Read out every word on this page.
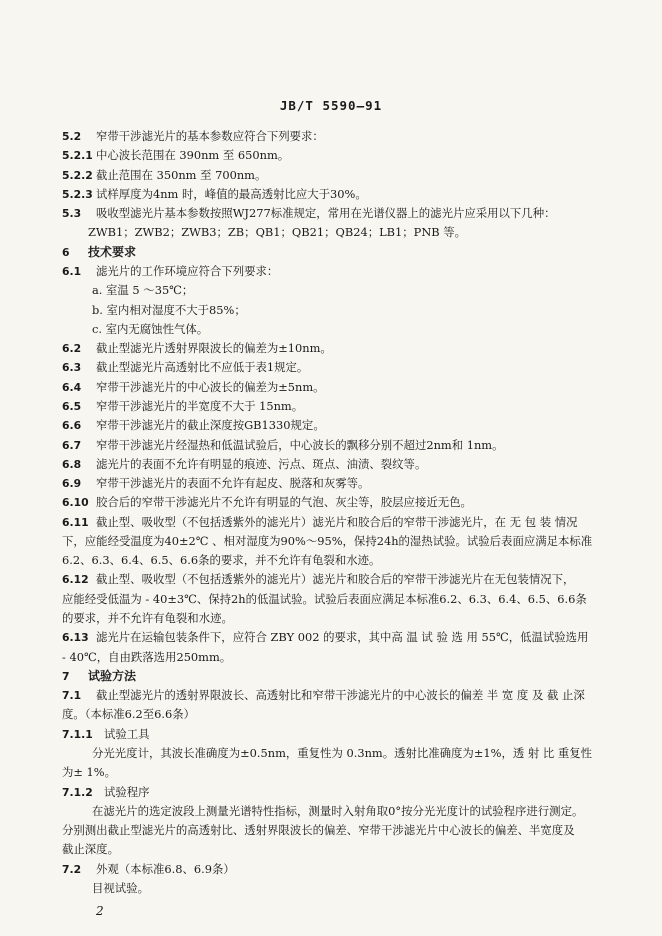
JB/T 5590—91
5.2 窄带干涉滤光片的基本参数应符合下列要求：
5.2.1 中心波长范围在 390nm 至 650nm。
5.2.2 截止范围在 350nm 至 700nm。
5.2.3 试样厚度为4nm 时，峰值的最高透射比应大于30%。
5.3 吸收型滤光片基本参数按照WJ277标准规定，常用在光谱仪器上的滤光片应采用以下几种：
ZWB1；ZWB2；ZWB3；ZB；QB1；QB21；QB24；LB1；PNB 等。
6 技术要求
6.1 滤光片的工作环境应符合下列要求：
a. 室温 5 ～35℃；
b. 室内相对湿度不大于85%；
c. 室内无腐蚀性气体。
6.2 截止型滤光片透射界限波长的偏差为±10nm。
6.3 截止型滤光片高透射比不应低于表1规定。
6.4 窄带干涉滤光片的中心波长的偏差为±5nm。
6.5 窄带干涉滤光片的半宽度不大于 15nm。
6.6 窄带干涉滤光片的截止深度按GB1330规定。
6.7 窄带干涉滤光片经湿热和低温试验后，中心波长的飘移分别不超过2nm和 1nm。
6.8 滤光片的表面不允许有明显的痕迹、污点、斑点、油渍、裂纹等。
6.9 窄带干涉滤光片的表面不允许有起皮、脱落和灰雾等。
6.10 胶合后的窄带干涉滤光片不允许有明显的气泡、灰尘等，胶层应接近无色。
6.11 截止型、吸收型（不包括透紫外的滤光片）滤光片和胶合后的窄带干涉滤光片，在 无 包 装 情况
下，应能经受温度为40±2℃ 、相对湿度为90%～95%，保持24h的湿热试验。试验后表面应满足本标准
6.2、6.3、6.4、6.5、6.6条的要求，并不允许有龟裂和水迹。
6.12 截止型、吸收型（不包括透紫外的滤光片）滤光片和胶合后的窄带干涉滤光片在无包装情况下，
应能经受低温为 - 40±3℃、保持2h的低温试验。试验后表面应满足本标准6.2、6.3、6.4、6.5、6.6条
的要求，并不允许有龟裂和水迹。
6.13 滤光片在运输包装条件下，应符合 ZBY 002 的要求，其中高 温 试 验 选 用 55℃，低温试验选用
- 40℃，自由跌落选用250mm。
7 试验方法
7.1 截止型滤光片的透射界限波长、高透射比和窄带干涉滤光片的中心波长的偏差 半 宽 度 及 截 止深
度。（本标准6.2至6.6条）
7.1.1 试验工具
分光光度计，其波长准确度为±0.5nm，重复性为 0.3nm。透射比准确度为±1%，透 射 比 重复性
为± 1%。
7.1.2 试验程序
在滤光片的选定波段上测量光谱特性指标，测量时入射角取0°按分光光度计的试验程序进行测定。
分别测出截止型滤光片的高透射比、透射界限波长的偏差、窄带干涉滤光片中心波长的偏差、半宽度及
截止深度。
7.2 外观（本标准6.8、6.9条）
目视试验。
2
